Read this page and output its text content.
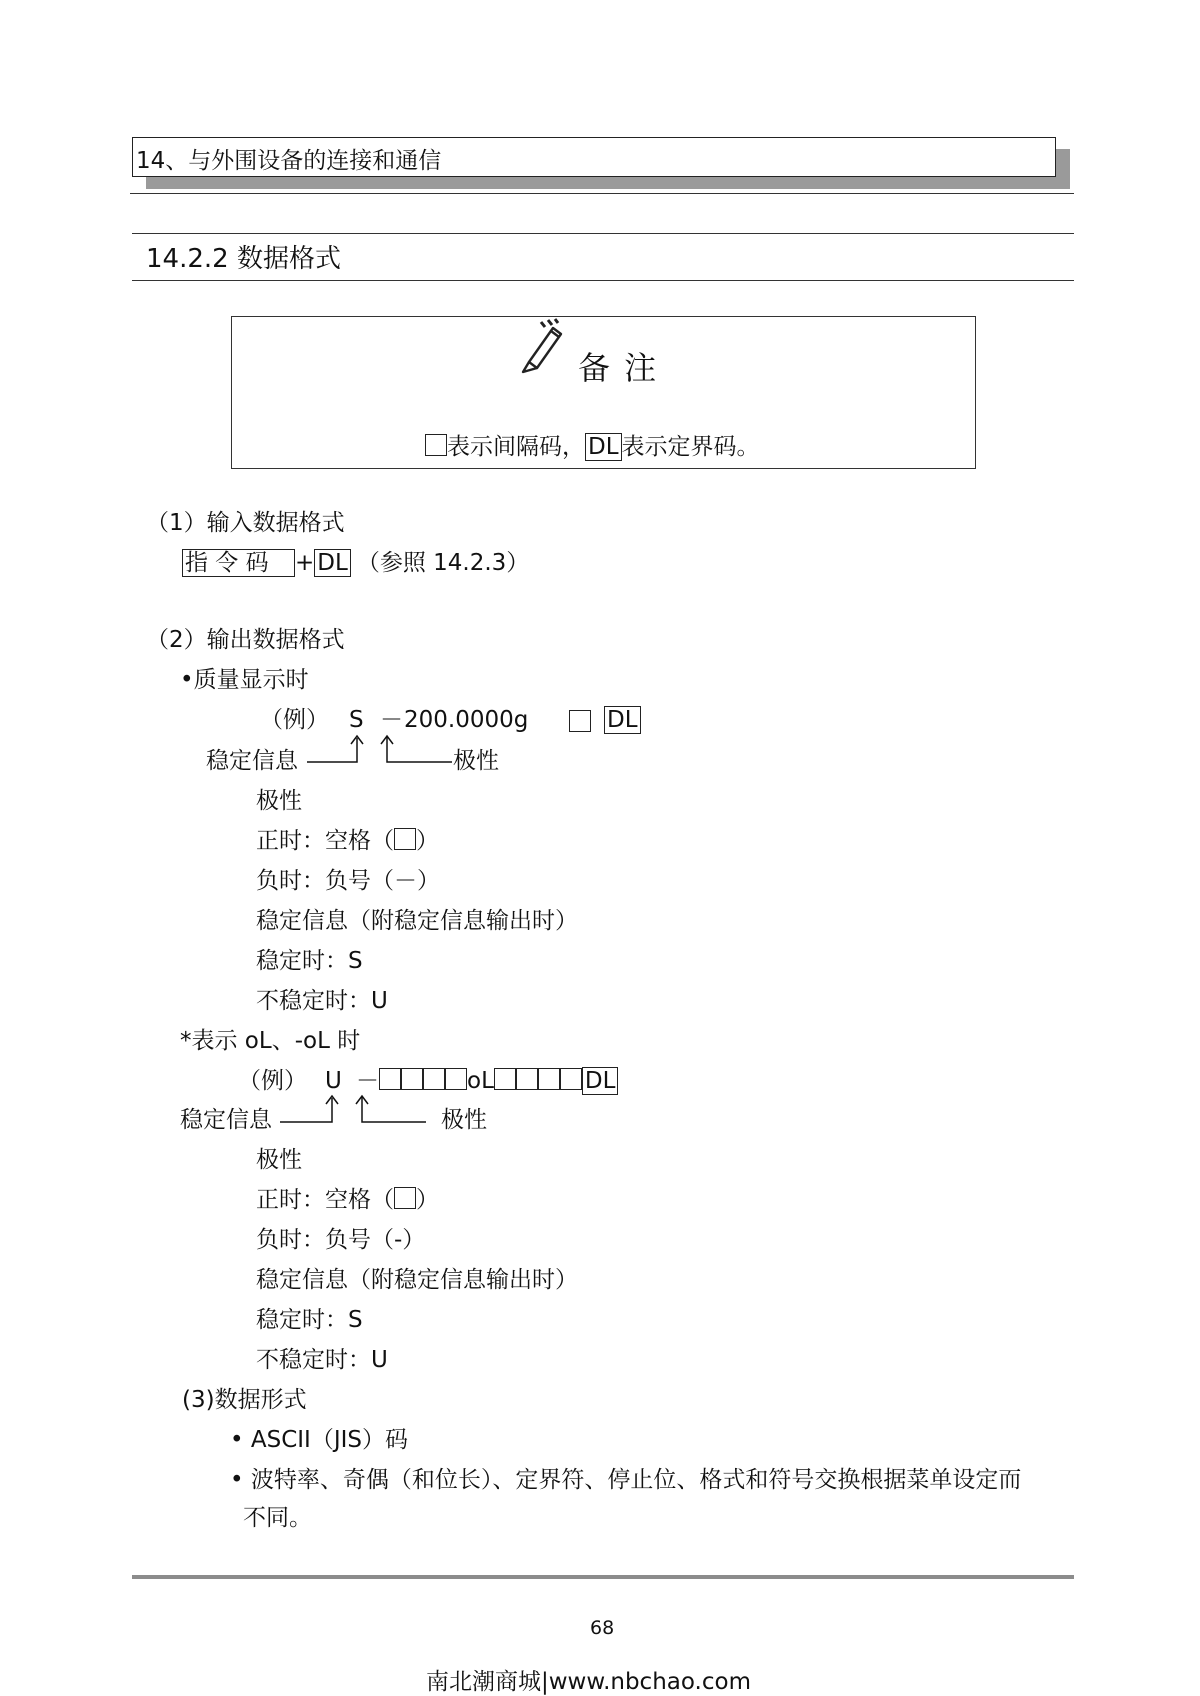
14、与外围设备的连接和通信
14.2.2 数据格式
备 注
表示间隔码， DL 表示定界码。
（1）输入数据格式
指 令 码 + DL （参照 14.2.3）
（2）输出数据格式
•质量显示时
（例） S － 200.0000g	DL
稳定信息	极性
极性
正时：空格（ ）
负时：负号（－）
稳定信息（附稳定信息输出时）
稳定时：S
不稳定时：U
*表示 oL、-oL 时
（例） U －	oL	DL
稳定信息	极性
极性
正时：空格（ ）
负时：负号（-）
稳定信息（附稳定信息输出时）
稳定时：S
不稳定时：U
(3)数据形式
• ASCII（JIS）码
• 波特率、奇偶（和位长）、定界符、停止位、格式和符号交换根据菜单设定而
不同。
68
南北潮商城|www.nbchao.com
